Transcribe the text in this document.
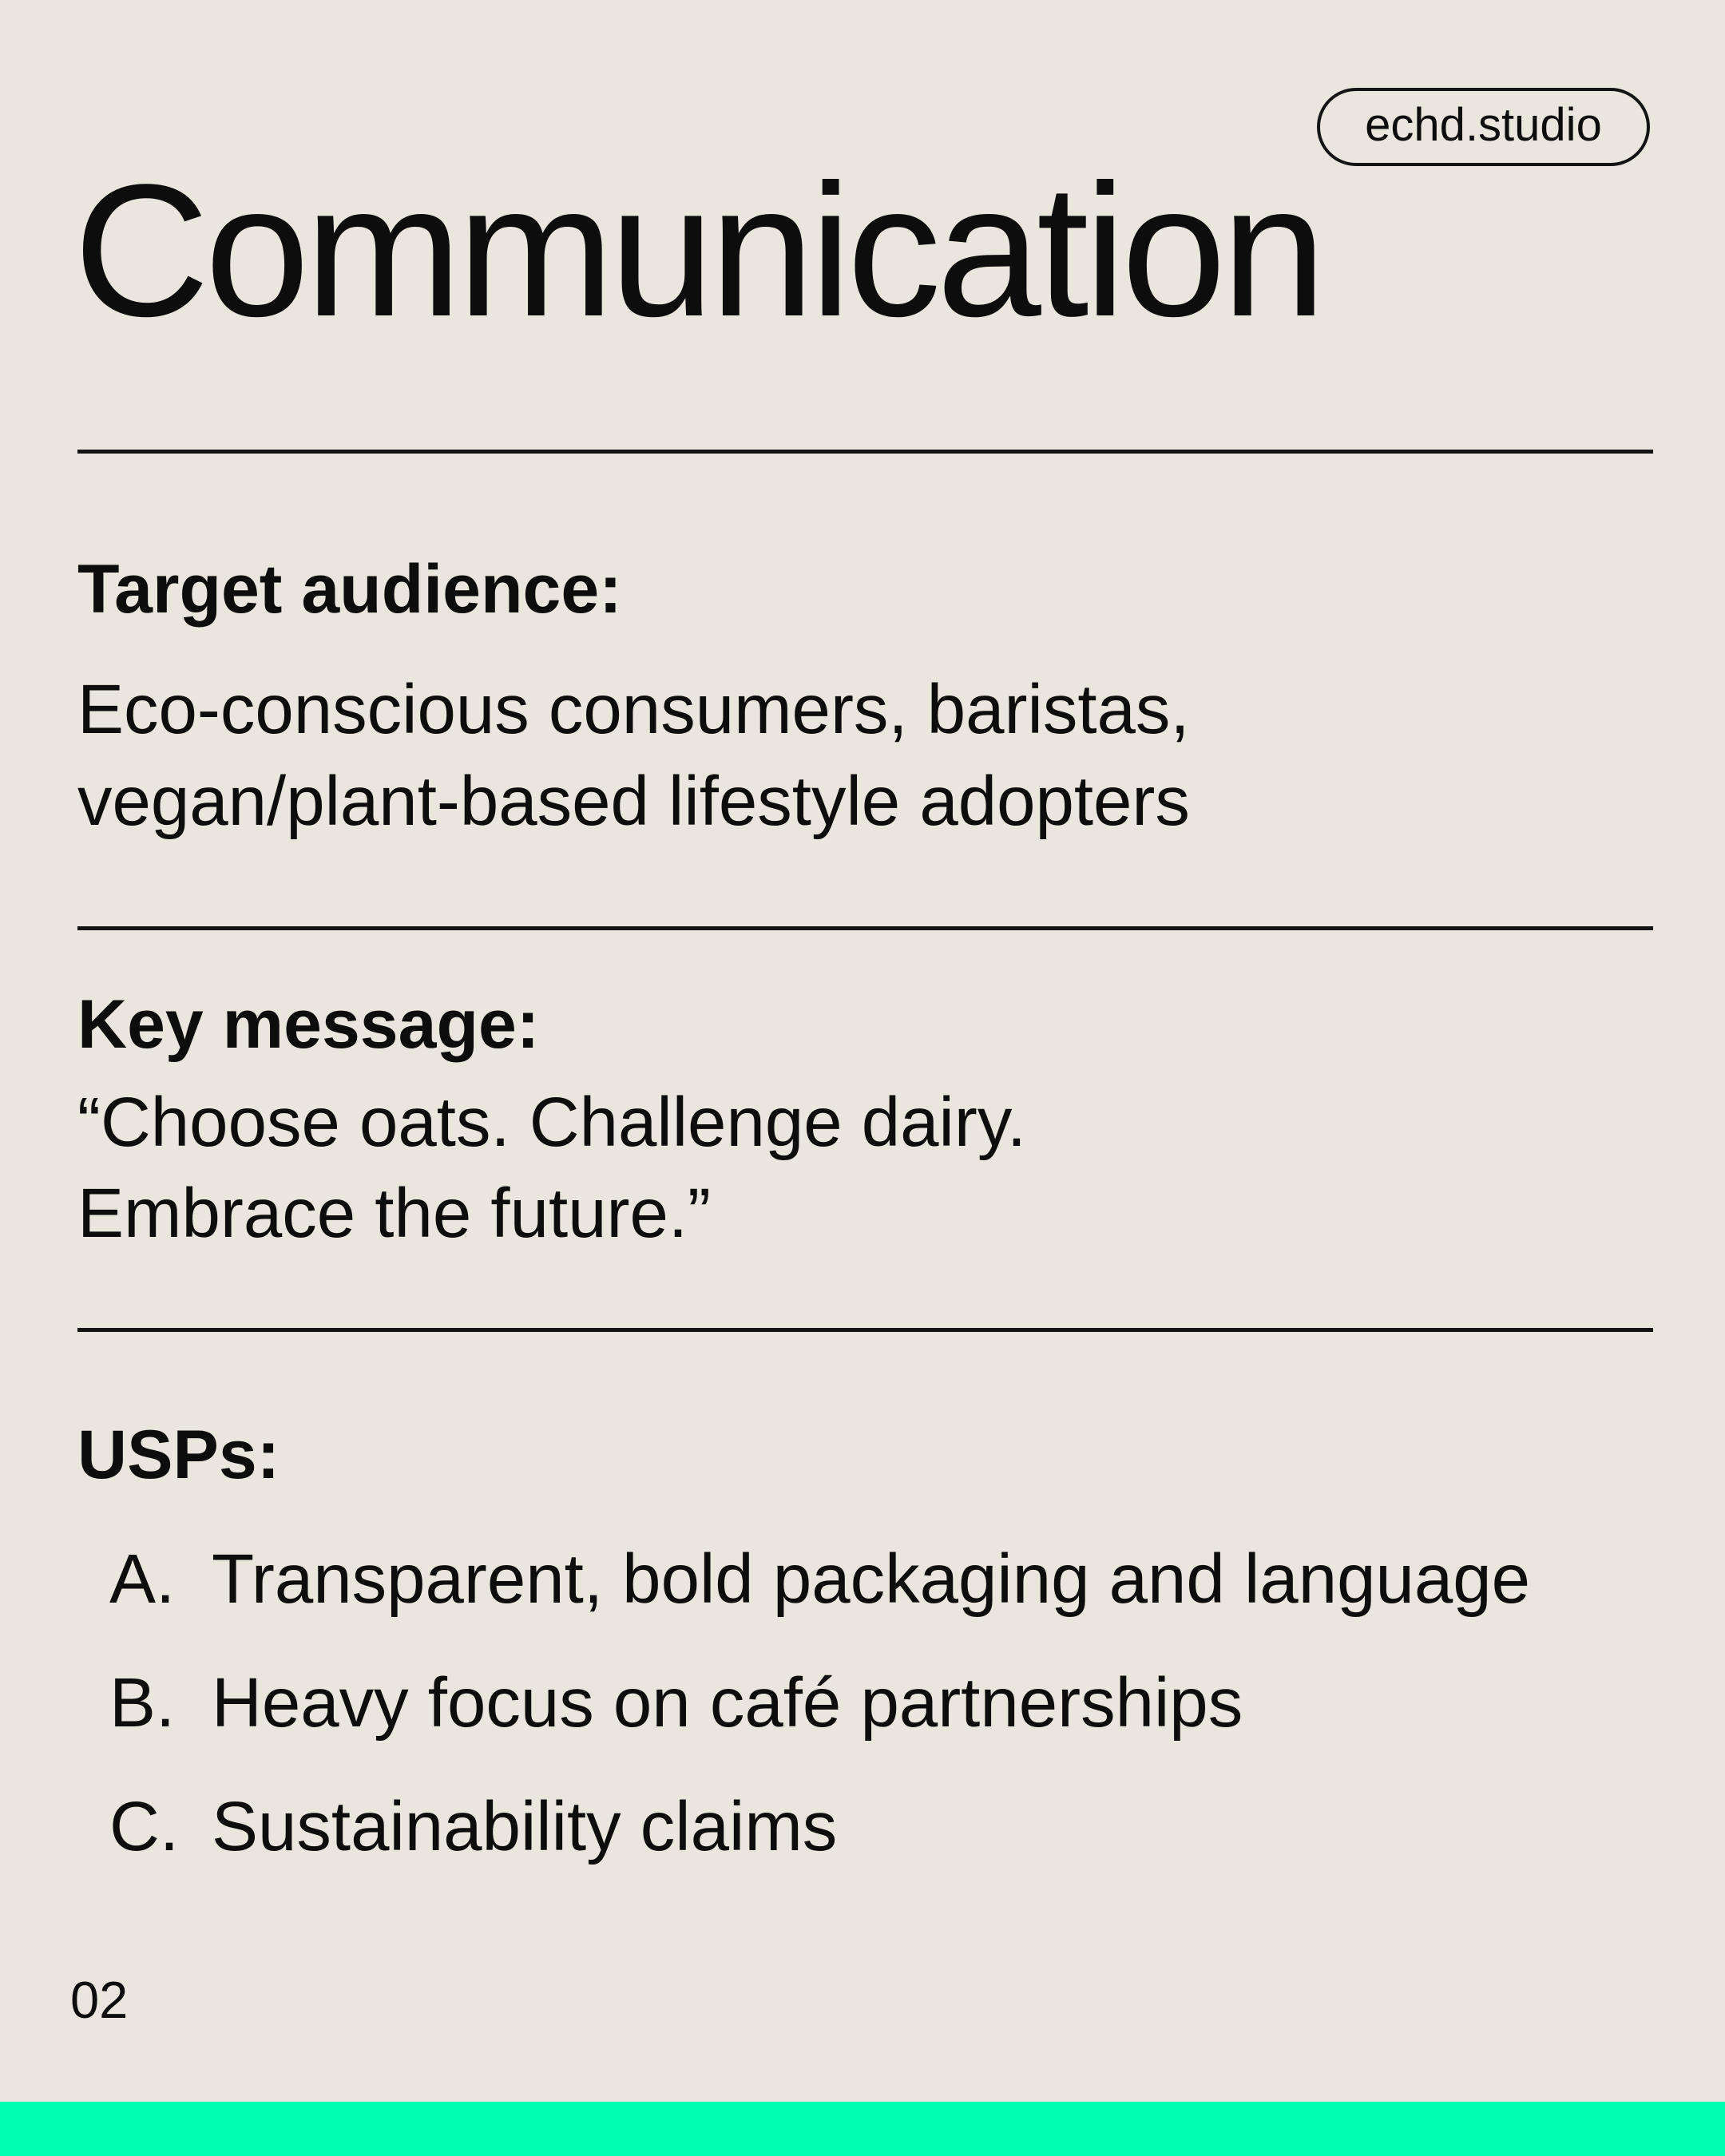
echd.studio
Communication
Target audience:
Eco-conscious consumers, baristas,
vegan/plant-based lifestyle adopters
Key message:
“Choose oats. Challenge dairy.
Embrace the future.”
USPs:
A. Transparent, bold packaging and language
B. Heavy focus on café partnerships
C. Sustainability claims
02
